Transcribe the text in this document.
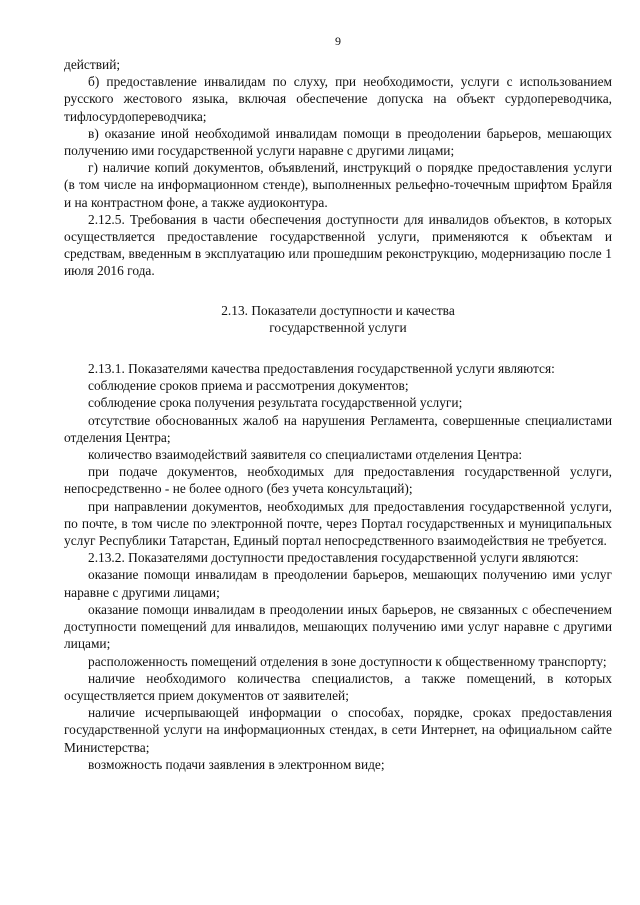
9

действий;

б) предоставление инвалидам по слуху, при необходимости, услуги с использованием русского жестового языка, включая обеспечение допуска на объект сурдопереводчика, тифлосурдопереводчика;

в) оказание иной необходимой инвалидам помощи в преодолении барьеров, мешающих получению ими государственной услуги наравне с другими лицами;

г) наличие копий документов, объявлений, инструкций о порядке предоставления услуги (в том числе на информационном стенде), выполненных рельефно-точечным шрифтом Брайля и на контрастном фоне, а также аудиоконтура.

2.12.5. Требования в части обеспечения доступности для инвалидов объектов, в которых осуществляется предоставление государственной услуги, применяются к объектам и средствам, введенным в эксплуатацию или прошедшим реконструкцию, модернизацию после 1 июля 2016 года.

2.13. Показатели доступности и качества
государственной услуги

2.13.1. Показателями качества предоставления государственной услуги являются:

соблюдение сроков приема и рассмотрения документов;

соблюдение срока получения результата государственной услуги;

отсутствие обоснованных жалоб на нарушения Регламента, совершенные специалистами отделения Центра;

количество взаимодействий заявителя со специалистами отделения Центра:

при подаче документов, необходимых для предоставления государственной услуги, непосредственно - не более одного (без учета консультаций);

при направлении документов, необходимых для предоставления государственной услуги, по почте, в том числе по электронной почте, через Портал государственных и муниципальных услуг Республики Татарстан, Единый портал непосредственного взаимодействия не требуется.

2.13.2. Показателями доступности предоставления государственной услуги являются:

оказание помощи инвалидам в преодолении барьеров, мешающих получению ими услуг наравне с другими лицами;

оказание помощи инвалидам в преодолении иных барьеров, не связанных с обеспечением доступности помещений для инвалидов, мешающих получению ими услуг наравне с другими лицами;

расположенность помещений отделения в зоне доступности к общественному транспорту;

наличие необходимого количества специалистов, а также помещений, в которых осуществляется прием документов от заявителей;

наличие исчерпывающей информации о способах, порядке, сроках предоставления государственной услуги на информационных стендах, в сети Интернет, на официальном сайте Министерства;

возможность подачи заявления в электронном виде;
